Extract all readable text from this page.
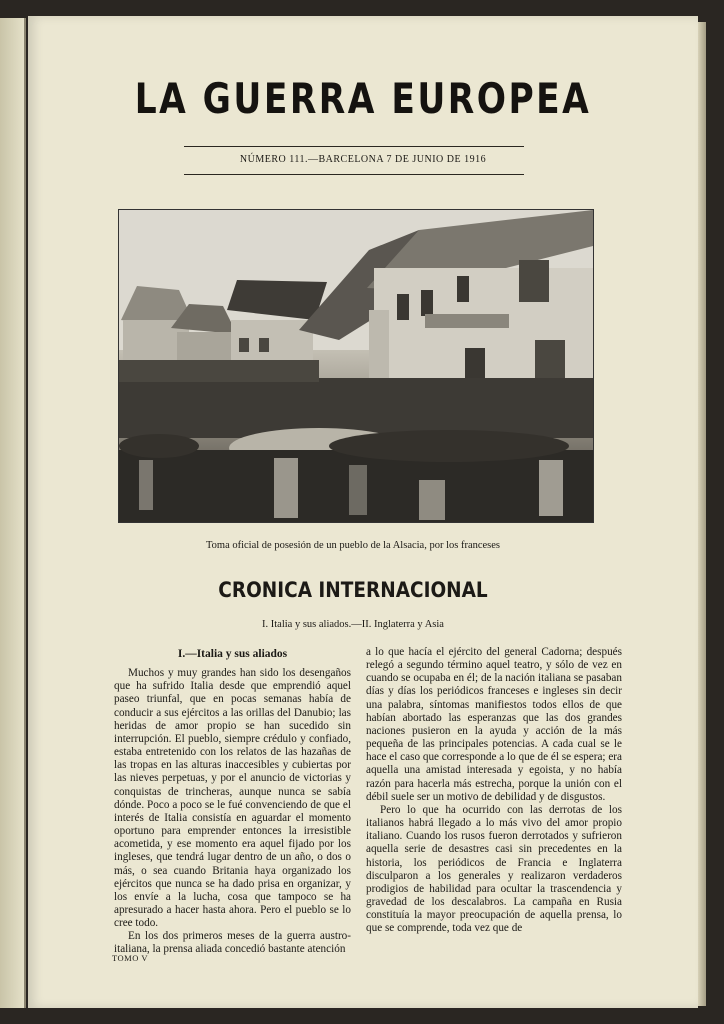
LA GUERRA EUROPEA
NÚMERO 111.—BARCELONA 7 DE JUNIO DE 1916
Toma oficial de posesión de un pueblo de la Alsacia, por los franceses
CRONICA INTERNACIONAL
I. Italia y sus aliados.—II. Inglaterra y Asia
I.—Italia y sus aliados

Muchos y muy grandes han sido los desengaños que ha sufrido Italia desde que emprendió aquel paseo triunfal, que en pocas semanas había de conducir a sus ejércitos a las orillas del Danubio; las heridas de amor propio se han sucedido sin interrupción. El pueblo, siempre crédulo y confiado, estaba entretenido con los relatos de las hazañas de las tropas en las alturas inaccesibles y cubiertas por las nieves perpetuas, y por el anuncio de victorias y conquistas de trincheras, aunque nunca se sabía dónde. Poco a poco se le fué convenciendo de que el interés de Italia consistía en aguardar el momento oportuno para emprender entonces la irresistible acometida, y ese momento era aquel fijado por los ingleses, que tendrá lugar dentro de un año, o dos o más, o sea cuando Britania haya organizado los ejércitos que nunca se ha dado prisa en organizar, y los envíe a la lucha, cosa que tampoco se ha apresurado a hacer hasta ahora. Pero el pueblo se lo cree todo.

En los dos primeros meses de la guerra austro-italiana, la prensa aliada concedió bastante atención

a lo que hacía el ejército del general Cadorna; después relegó a segundo término aquel teatro, y sólo de vez en cuando se ocupaba en él; de la nación italiana se pasaban días y días los periódicos franceses e ingleses sin decir una palabra, síntomas manifiestos todos ellos de que habían abortado las esperanzas que las dos grandes naciones pusieron en la ayuda y acción de la más pequeña de las principales potencias. A cada cual se le hace el caso que corresponde a lo que de él se espera; era aquella una amistad interesada y egoista, y no había razón para hacerla más estrecha, porque la unión con el débil suele ser un motivo de debilidad y de disgustos.

Pero lo que ha ocurrido con las derrotas de los italianos habrá llegado a lo más vivo del amor propio italiano. Cuando los rusos fueron derrotados y sufrieron aquella serie de desastres casi sin precedentes en la historia, los periódicos de Francia e Inglaterra disculparon a los generales y realizaron verdaderos prodigios de habilidad para ocultar la trascendencia y gravedad de los descalabros. La campaña en Rusia constituía la mayor preocupación de aquella prensa, lo que se comprende, toda vez que de

TOMO V
